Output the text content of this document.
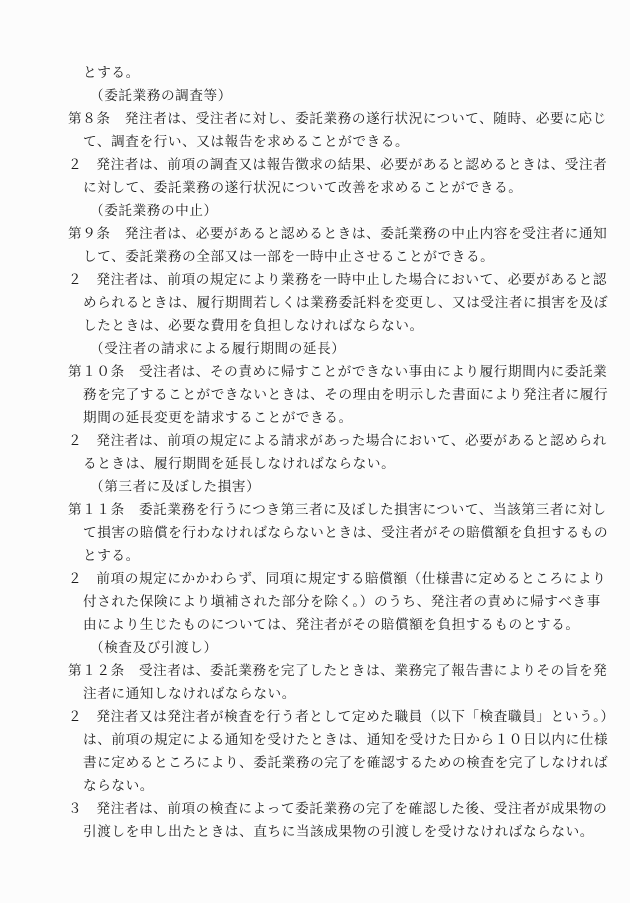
とする。
（委託業務の調査等）
第８条　発注者は、受注者に対し、委託業務の遂行状況について、随時、必要に応じ
て、調査を行い、又は報告を求めることができる。
２　発注者は、前項の調査又は報告徴求の結果、必要があると認めるときは、受注者
に対して、委託業務の遂行状況について改善を求めることができる。
（委託業務の中止）
第９条　発注者は、必要があると認めるときは、委託業務の中止内容を受注者に通知
して、委託業務の全部又は一部を一時中止させることができる。
２　発注者は、前項の規定により業務を一時中止した場合において、必要があると認
められるときは、履行期間若しくは業務委託料を変更し、又は受注者に損害を及ぼ
したときは、必要な費用を負担しなければならない。
（受注者の請求による履行期間の延長）
第１０条　受注者は、その責めに帰すことができない事由により履行期間内に委託業
務を完了することができないときは、その理由を明示した書面により発注者に履行
期間の延長変更を請求することができる。
２　発注者は、前項の規定による請求があった場合において、必要があると認められ
るときは、履行期間を延長しなければならない。
（第三者に及ぼした損害）
第１１条　委託業務を行うにつき第三者に及ぼした損害について、当該第三者に対し
て損害の賠償を行わなければならないときは、受注者がその賠償額を負担するもの
とする。
２　前項の規定にかかわらず、同項に規定する賠償額（仕様書に定めるところにより
付された保険により塡補された部分を除く。）のうち、発注者の責めに帰すべき事
由により生じたものについては、発注者がその賠償額を負担するものとする。
（検査及び引渡し）
第１２条　受注者は、委託業務を完了したときは、業務完了報告書によりその旨を発
注者に通知しなければならない。
２　発注者又は発注者が検査を行う者として定めた職員（以下「検査職員」という。）
は、前項の規定による通知を受けたときは、通知を受けた日から１０日以内に仕様
書に定めるところにより、委託業務の完了を確認するための検査を完了しなければ
ならない。
３　発注者は、前項の検査によって委託業務の完了を確認した後、受注者が成果物の
引渡しを申し出たときは、直ちに当該成果物の引渡しを受けなければならない。
